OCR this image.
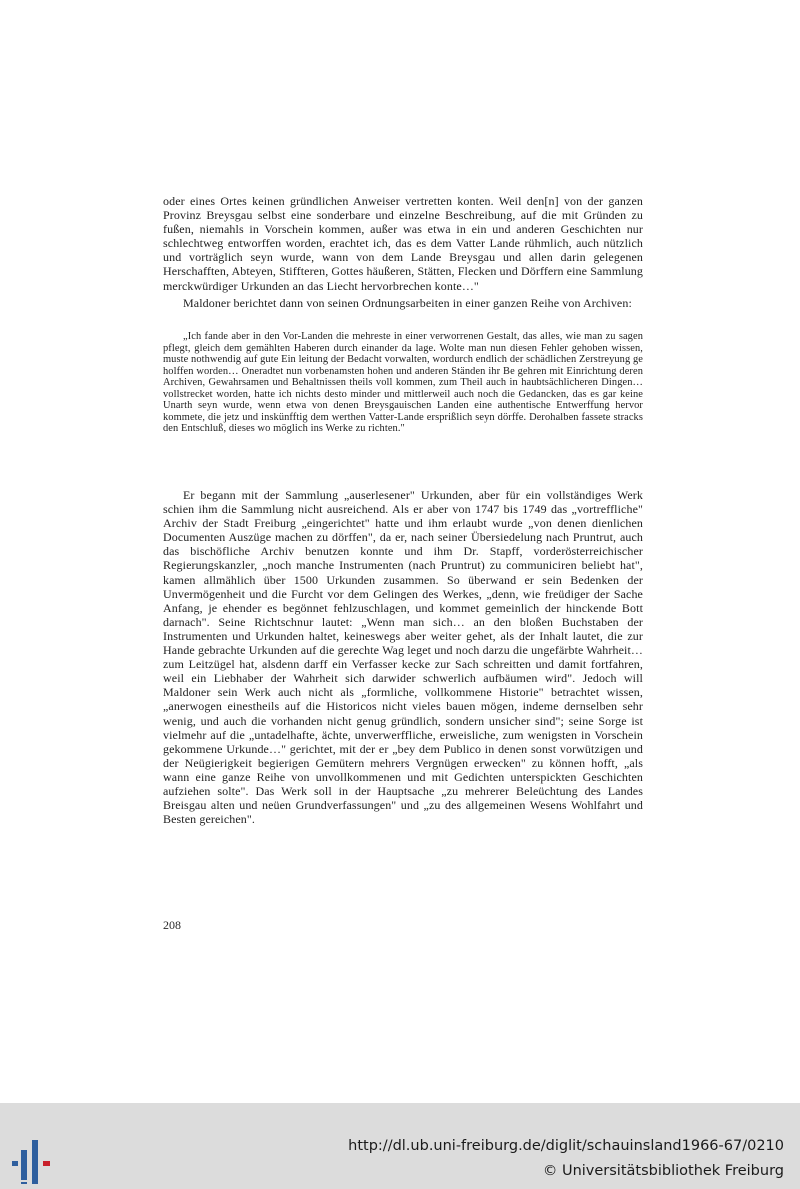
oder eines Ortes keinen gründlichen Anweiser vertretten konten. Weil den[n] von der ganzen Provinz Breysgau selbst eine sonderbare und einzelne Beschreibung, auf die mit Gründen zu fußen, niemahls in Vorschein kommen, außer was etwa in ein und anderen Geschichten nur schlechtweg entworffen worden, erachtet ich, das es dem Vatter Lande rühmlich, auch nützlich und vorträglich seyn wurde, wann von dem Lande Breysgau und allen darin gelegenen Herschafften, Abteyen, Stiffteren, Gottes häußeren, Stätten, Flecken und Dörffern eine Sammlung merckwürdiger Urkunden an das Liecht hervorbrechen konte…"

Maldoner berichtet dann von seinen Ordnungsarbeiten in einer ganzen Reihe von Archiven:

„Ich fande aber in den Vor-Landen die mehreste in einer verworrenen Gestalt, das alles, wie man zu sagen pflegt, gleich dem gemählten Haberen durch einander da lage. Wolte man nun diesen Fehler gehoben wissen, muste nothwendig auf gute Ein leitung der Bedacht vorwalten, wordurch endlich der schädlichen Zerstreyung ge holffen worden… Oneradtet nun vorbenamsten hohen und anderen Ständen ihr Be gehren mit Einrichtung deren Archiven, Gewahrsamen und Behaltnissen theils voll kommen, zum Theil auch in haubtsächlicheren Dingen… vollstrecket worden, hatte ich nichts desto minder und mittlerweil auch noch die Gedancken, das es gar keine Unarth seyn wurde, wenn etwa von denen Breysgauischen Landen eine authentische Entwerffung hervor kommete, die jetz und inskünfftig dem werthen Vatter-Lande ersprißlich seyn dörffe. Derohalben fassete stracks den Entschluß, dieses wo möglich ins Werke zu richten."

Er begann mit der Sammlung „auserlesener" Urkunden, aber für ein vollständiges Werk schien ihm die Sammlung nicht ausreichend. Als er aber von 1747 bis 1749 das „vortreffliche" Archiv der Stadt Freiburg „eingerichtet" hatte und ihm erlaubt wurde „von denen dienlichen Documenten Auszüge machen zu dörffen", da er, nach seiner Übersiedelung nach Pruntrut, auch das bischöfliche Archiv benutzen konnte und ihm Dr. Stapff, vorderösterreichischer Regierungskanzler, „noch manche Instrumenten (nach Pruntrut) zu communiciren beliebt hat", kamen allmählich über 1500 Urkunden zusammen. So überwand er sein Bedenken der Unvermögenheit und die Furcht vor dem Gelingen des Werkes, „denn, wie freüdiger der Sache Anfang, je ehender es begönnet fehlzuschlagen, und kommet gemeinlich der hinckende Bott darnach". Seine Richtschnur lautet: „Wenn man sich… an den bloßen Buchstaben der Instrumenten und Urkunden haltet, keineswegs aber weiter gehet, als der Inhalt lautet, die zur Hande gebrachte Urkunden auf die gerechte Wag leget und noch darzu die ungefärbte Wahrheit… zum Leitzügel hat, alsdenn darff ein Verfasser kecke zur Sach schreitten und damit fortfahren, weil ein Liebhaber der Wahrheit sich darwider schwerlich aufbäumen wird". Jedoch will Maldoner sein Werk auch nicht als „formliche, vollkommene Historie" betrachtet wissen, „anerwogen einestheils auf die Historicos nicht vieles bauen mögen, indeme dernselben sehr wenig, und auch die vorhanden nicht genug gründlich, sondern unsicher sind"; seine Sorge ist vielmehr auf die „untadelhafte, ächte, unverwerffliche, erweisliche, zum wenigsten in Vorschein gekommene Urkunde…" gerichtet, mit der er „bey dem Publico in denen sonst vorwützigen und der Neügierigkeit begierigen Gemütern mehrers Vergnügen erwecken" zu können hofft, „als wann eine ganze Reihe von unvollkommenen und mit Gedichten unterspickten Geschichten aufziehen solte". Das Werk soll in der Hauptsache „zu mehrerer Beleüchtung des Landes Breisgau alten und neüen Grundverfassungen" und „zu des allgemeinen Wesens Wohlfahrt und Besten gereichen".

208
http://dl.ub.uni-freiburg.de/diglit/schauinsland1966-67/0210
© Universitätsbibliothek Freiburg
